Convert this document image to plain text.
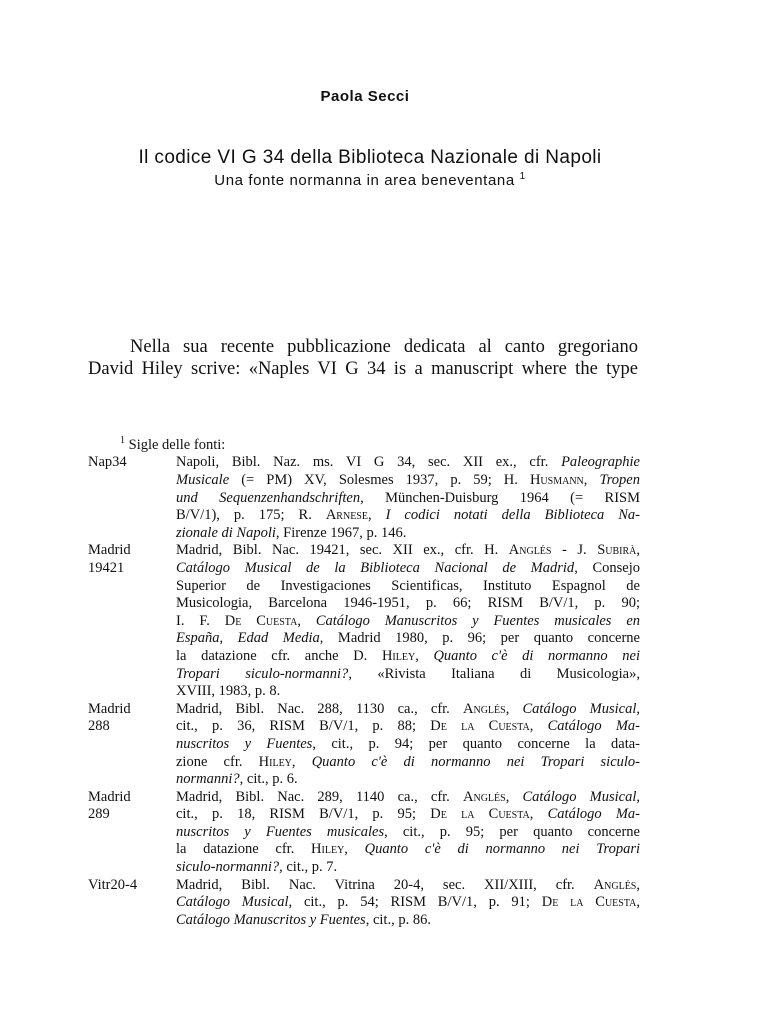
Paola Secci
Il codice VI G 34 della Biblioteca Nazionale di Napoli
Una fonte normanna in area beneventana $^1$
Nella sua recente pubblicazione dedicata al canto gregoriano
David Hiley scrive: «Naples VI G 34 is a manuscript where the type
$^1$ Sigle delle fonti:
Nap34	Napoli, Bibl. Naz. ms. VI G 34, sec. XII ex., cfr. Paleographie
Musicale (= PM) XV, Solesmes 1937, p. 59; H. Husmann, Tropen
und Sequenzenhandschriften, München-Duisburg 1964 (= RISM
B/V/1), p. 175; R. Arnese, I codici notati della Biblioteca Na-
zionale di Napoli, Firenze 1967, p. 146.
Madrid
19421
Madrid, Bibl. Nac. 19421, sec. XII ex., cfr. H. Anglés - J. Subirà,
Catálogo Musical de la Biblioteca Nacional de Madrid, Consejo
Superior de Investigaciones Scientificas, Instituto Espagnol de
Musicologia, Barcelona 1946-1951, p. 66; RISM B/V/1, p. 90;
I. F. De Cuesta, Catálogo Manuscritos y Fuentes musicales en
España, Edad Media, Madrid 1980, p. 96; per quanto concerne
la datazione cfr. anche D. Hiley, Quanto c'è di normanno nei
Tropari siculo-normanni?, «Rivista Italiana di Musicologia»,
XVIII, 1983, p. 8.
Madrid
288
Madrid, Bibl. Nac. 288, 1130 ca., cfr. Anglés, Catálogo Musical,
cit., p. 36, RISM B/V/1, p. 88; De la Cuesta, Catálogo Ma-
nuscritos y Fuentes, cit., p. 94; per quanto concerne la data-
zione cfr. Hiley, Quanto c'è di normanno nei Tropari siculo-
normanni?, cit., p. 6.
Madrid
289
Madrid, Bibl. Nac. 289, 1140 ca., cfr. Anglés, Catálogo Musical,
cit., p. 18, RISM B/V/1, p. 95; De la Cuesta, Catálogo Ma-
nuscritos y Fuentes musicales, cit., p. 95; per quanto concerne
la datazione cfr. Hiley, Quanto c'è di normanno nei Tropari
siculo-normanni?, cit., p. 7.
Vitr20-4	Madrid, Bibl. Nac. Vitrina 20-4, sec. XII/XIII, cfr. Anglés,
Catálogo Musical, cit., p. 54; RISM B/V/1, p. 91; De la Cuesta,
Catálogo Manuscritos y Fuentes, cit., p. 86.
